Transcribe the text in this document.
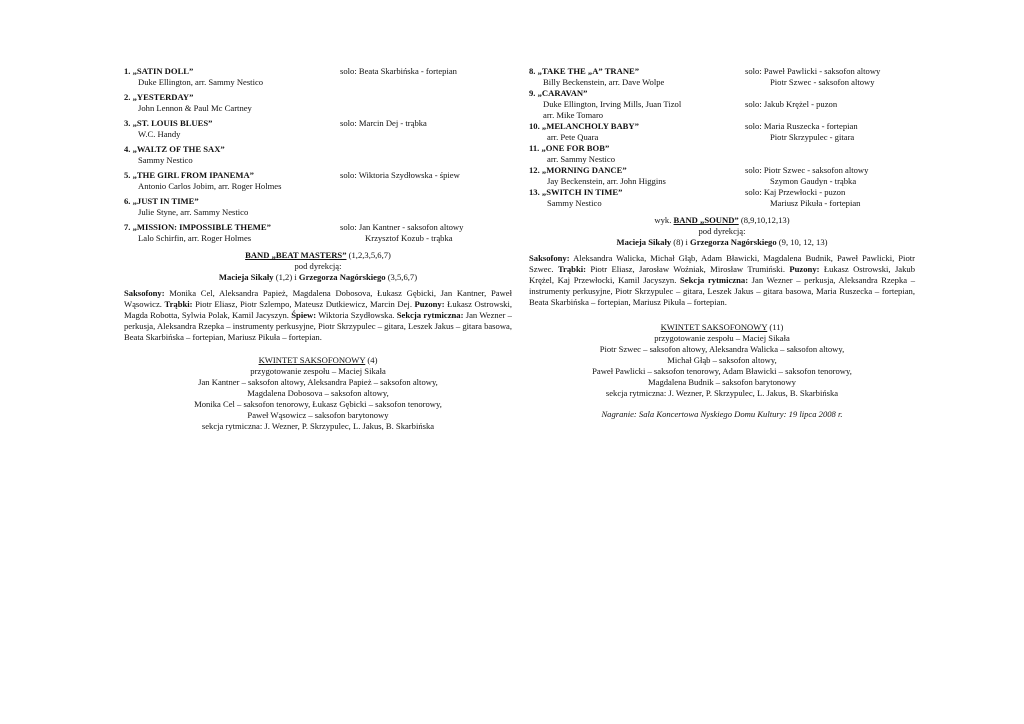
1. „SATIN DOLL”
Duke Ellington, arr. Sammy Nestico
solo: Beata Skarbińska - fortepian
2. „YESTERDAY”
John Lennon & Paul Mc Cartney
3. „ST. LOUIS BLUES”
W.C. Handy
solo: Marcin Dej - trąbka
4. „WALTZ OF THE SAX”
Sammy Nestico
5. „THE GIRL FROM IPANEMA”
Antonio Carlos Jobim, arr. Roger Holmes
solo: Wiktoria Szydłowska - śpiew
6. „JUST IN TIME”
Julie Styne, arr. Sammy Nestico
7. „MISSION: IMPOSSIBLE THEME”
Lalo Schirfin, arr. Roger Holmes
solo: Jan Kantner - saksofon altowy
Krzysztof Kozub - trąbka
BAND „BEAT MASTERS” (1,2,3,5,6,7)
pod dyrekcją:
Macieja Sikały (1,2) i Grzegorza Nagórskiego (3,5,6,7)
Saksofony: Monika Cel, Aleksandra Papież, Magdalena Dobosova, Łukasz Gębicki, Jan Kantner, Paweł Wąsowicz. Trąbki: Piotr Eliasz, Piotr Szlempo, Mateusz Dutkiewicz, Marcin Dej. Puzony: Łukasz Ostrowski, Magda Robotta, Sylwia Polak, Kamil Jacyszyn. Śpiew: Wiktoria Szydłowska. Sekcja rytmiczna: Jan Wezner – perkusja, Aleksandra Rzepka – instrumenty perkusyjne, Piotr Skrzypulec – gitara, Leszek Jakus – gitara basowa, Beata Skarbińska – fortepian, Mariusz Pikuła – fortepian.
KWINTET SAKSOFONOWY (4)
przygotowanie zespołu – Maciej Sikała
Jan Kantner – saksofon altowy, Aleksandra Papież – saksofon altowy,
Magdalena Dobosova – saksofon altowy,
Monika Cel – saksofon tenorowy, Łukasz Gębicki – saksofon tenorowy,
Paweł Wąsowicz – saksofon barytonowy
sekcja rytmiczna: J. Wezner, P. Skrzypulec, L. Jakus, B. Skarbińska
8. „TAKE THE „A” TRANE”
Billy Beckenstein, arr. Dave Wolpe
solo: Paweł Pawlicki - saksofon altowy
Piotr Szwec - saksofon altowy
9. „CARAVAN”
Duke Ellington, Irving Mills, Juan Tizol
arr. Mike Tomaro
solo: Jakub Krężel - puzon
10. „MELANCHOLY BABY”
arr. Pete Quara
solo: Maria Ruszecka - fortepian
Piotr Skrzypulec - gitara
11. „ONE FOR BOB”
arr. Sammy Nestico
12. „MORNING DANCE”
Jay Beckenstein, arr. John Higgins
solo: Piotr Szwec - saksofon altowy
Szymon Gaudyn - trąbka
13. „SWITCH IN TIME”
Sammy Nestico
solo: Kaj Przewłocki - puzon
Mariusz Pikuła - fortepian
wyk. BAND „SOUND” (8,9,10,12,13)
pod dyrekcją:
Macieja Sikały (8) i Grzegorza Nagórskiego (9, 10, 12, 13)
Saksofony: Aleksandra Walicka, Michał Głąb, Adam Bławicki, Magdalena Budnik, Paweł Pawlicki, Piotr Szwec. Trąbki: Piotr Eliasz, Jarosław Woźniak, Mirosław Trumiński. Puzony: Łukasz Ostrowski, Jakub Krężel, Kaj Przewłocki, Kamil Jacyszyn. Sekcja rytmiczna: Jan Wezner – perkusja, Aleksandra Rzepka – instrumenty perkusyjne, Piotr Skrzypulec – gitara, Leszek Jakus – gitara basowa, Maria Ruszecka – fortepian, Beata Skarbińska – fortepian, Mariusz Pikuła – fortepian.
KWINTET SAKSOFONOWY (11)
przygotowanie zespołu – Maciej Sikała
Piotr Szwec – saksofon altowy, Aleksandra Walicka – saksofon altowy,
Michał Głąb – saksofon altowy,
Paweł Pawlicki – saksofon tenorowy, Adam Bławicki – saksofon tenorowy,
Magdalena Budnik – saksofon barytonowy
sekcja rytmiczna: J. Wezner, P. Skrzypulec, L. Jakus, B. Skarbińska
Nagranie: Sala Koncertowa Nyskiego Domu Kultury: 19 lipca 2008 r.
